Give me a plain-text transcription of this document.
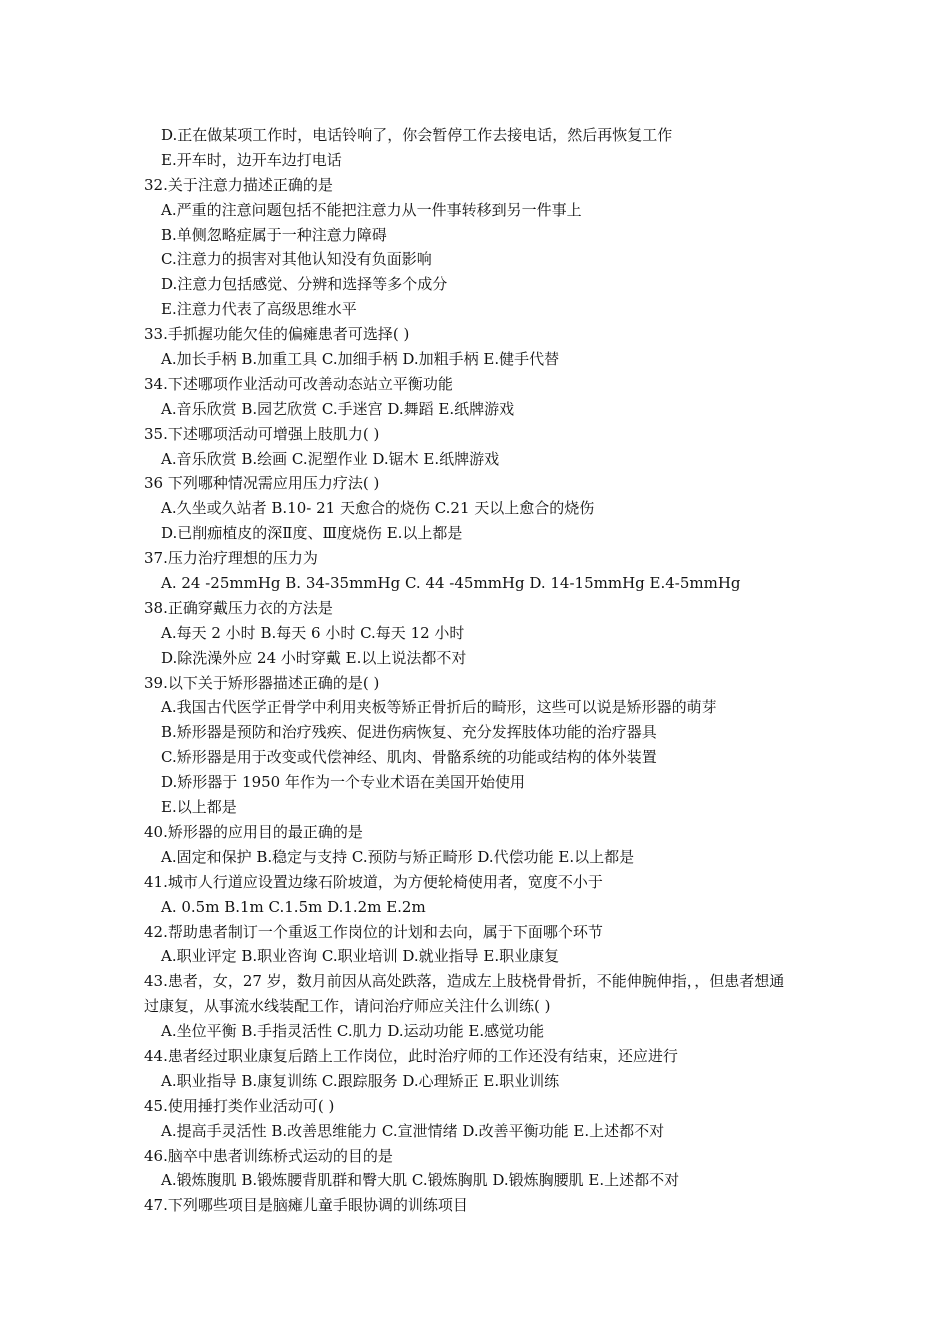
D.正在做某项工作时，电话铃响了，你会暂停工作去接电话，然后再恢复工作
E.开车时，边开车边打电话
32.关于注意力描述正确的是
A.严重的注意问题包括不能把注意力从一件事转移到另一件事上
B.单侧忽略症属于一种注意力障碍
C.注意力的损害对其他认知没有负面影响
D.注意力包括感觉、分辨和选择等多个成分
E.注意力代表了高级思维水平
33.手抓握功能欠佳的偏瘫患者可选择( )
A.加长手柄 B.加重工具 C.加细手柄 D.加粗手柄 E.健手代替
34.下述哪项作业活动可改善动态站立平衡功能
A.音乐欣赏 B.园艺欣赏 C.手迷宫 D.舞蹈 E.纸牌游戏
35.下述哪项活动可增强上肢肌力( )
A.音乐欣赏 B.绘画 C.泥塑作业 D.锯木 E.纸牌游戏
36 下列哪种情况需应用压力疗法( )
A.久坐或久站者 B.10- 21 天愈合的烧伤 C.21 天以上愈合的烧伤
D.已削痂植皮的深Ⅱ度、Ⅲ度烧伤 E.以上都是
37.压力治疗理想的压力为
A. 24 -25mmHg B. 34-35mmHg C. 44 -45mmHg D. 14-15mmHg E.4-5mmHg
38.正确穿戴压力衣的方法是
A.每天 2 小时 B.每天 6 小时 C.每天 12 小时
D.除洗澡外应 24 小时穿戴 E.以上说法都不对
39.以下关于矫形器描述正确的是( )
A.我国古代医学正骨学中利用夹板等矫正骨折后的畸形，这些可以说是矫形器的萌芽
B.矫形器是预防和治疗残疾、促进伤病恢复、充分发挥肢体功能的治疗器具
C.矫形器是用于改变或代偿神经、肌肉、骨骼系统的功能或结构的体外装置
D.矫形器于 1950 年作为一个专业术语在美国开始使用
E.以上都是
40.矫形器的应用目的最正确的是
A.固定和保护 B.稳定与支持 C.预防与矫正畸形 D.代偿功能 E.以上都是
41.城市人行道应设置边缘石阶坡道，为方便轮椅使用者，宽度不小于
A. 0.5m B.1m C.1.5m D.1.2m E.2m
42.帮助患者制订一个重返工作岗位的计划和去向，属于下面哪个环节
A.职业评定 B.职业咨询 C.职业培训 D.就业指导 E.职业康复
43.患者，女，27 岁，数月前因从高处跌落，造成左上肢桡骨骨折，不能伸腕伸指，，但患者想通
过康复，从事流水线装配工作，请问治疗师应关注什么训练( )
A.坐位平衡 B.手指灵活性 C.肌力 D.运动功能 E.感觉功能
44.患者经过职业康复后踏上工作岗位，此时治疗师的工作还没有结束，还应进行
A.职业指导 B.康复训练 C.跟踪服务 D.心理矫正 E.职业训练
45.使用捶打类作业活动可( )
A.提高手灵活性 B.改善思维能力 C.宣泄情绪 D.改善平衡功能 E.上述都不对
46.脑卒中患者训练桥式运动的目的是
A.锻炼腹肌 B.锻炼腰背肌群和臀大肌 C.锻炼胸肌 D.锻炼胸腰肌 E.上述都不对
47.下列哪些项目是脑瘫儿童手眼协调的训练项目
